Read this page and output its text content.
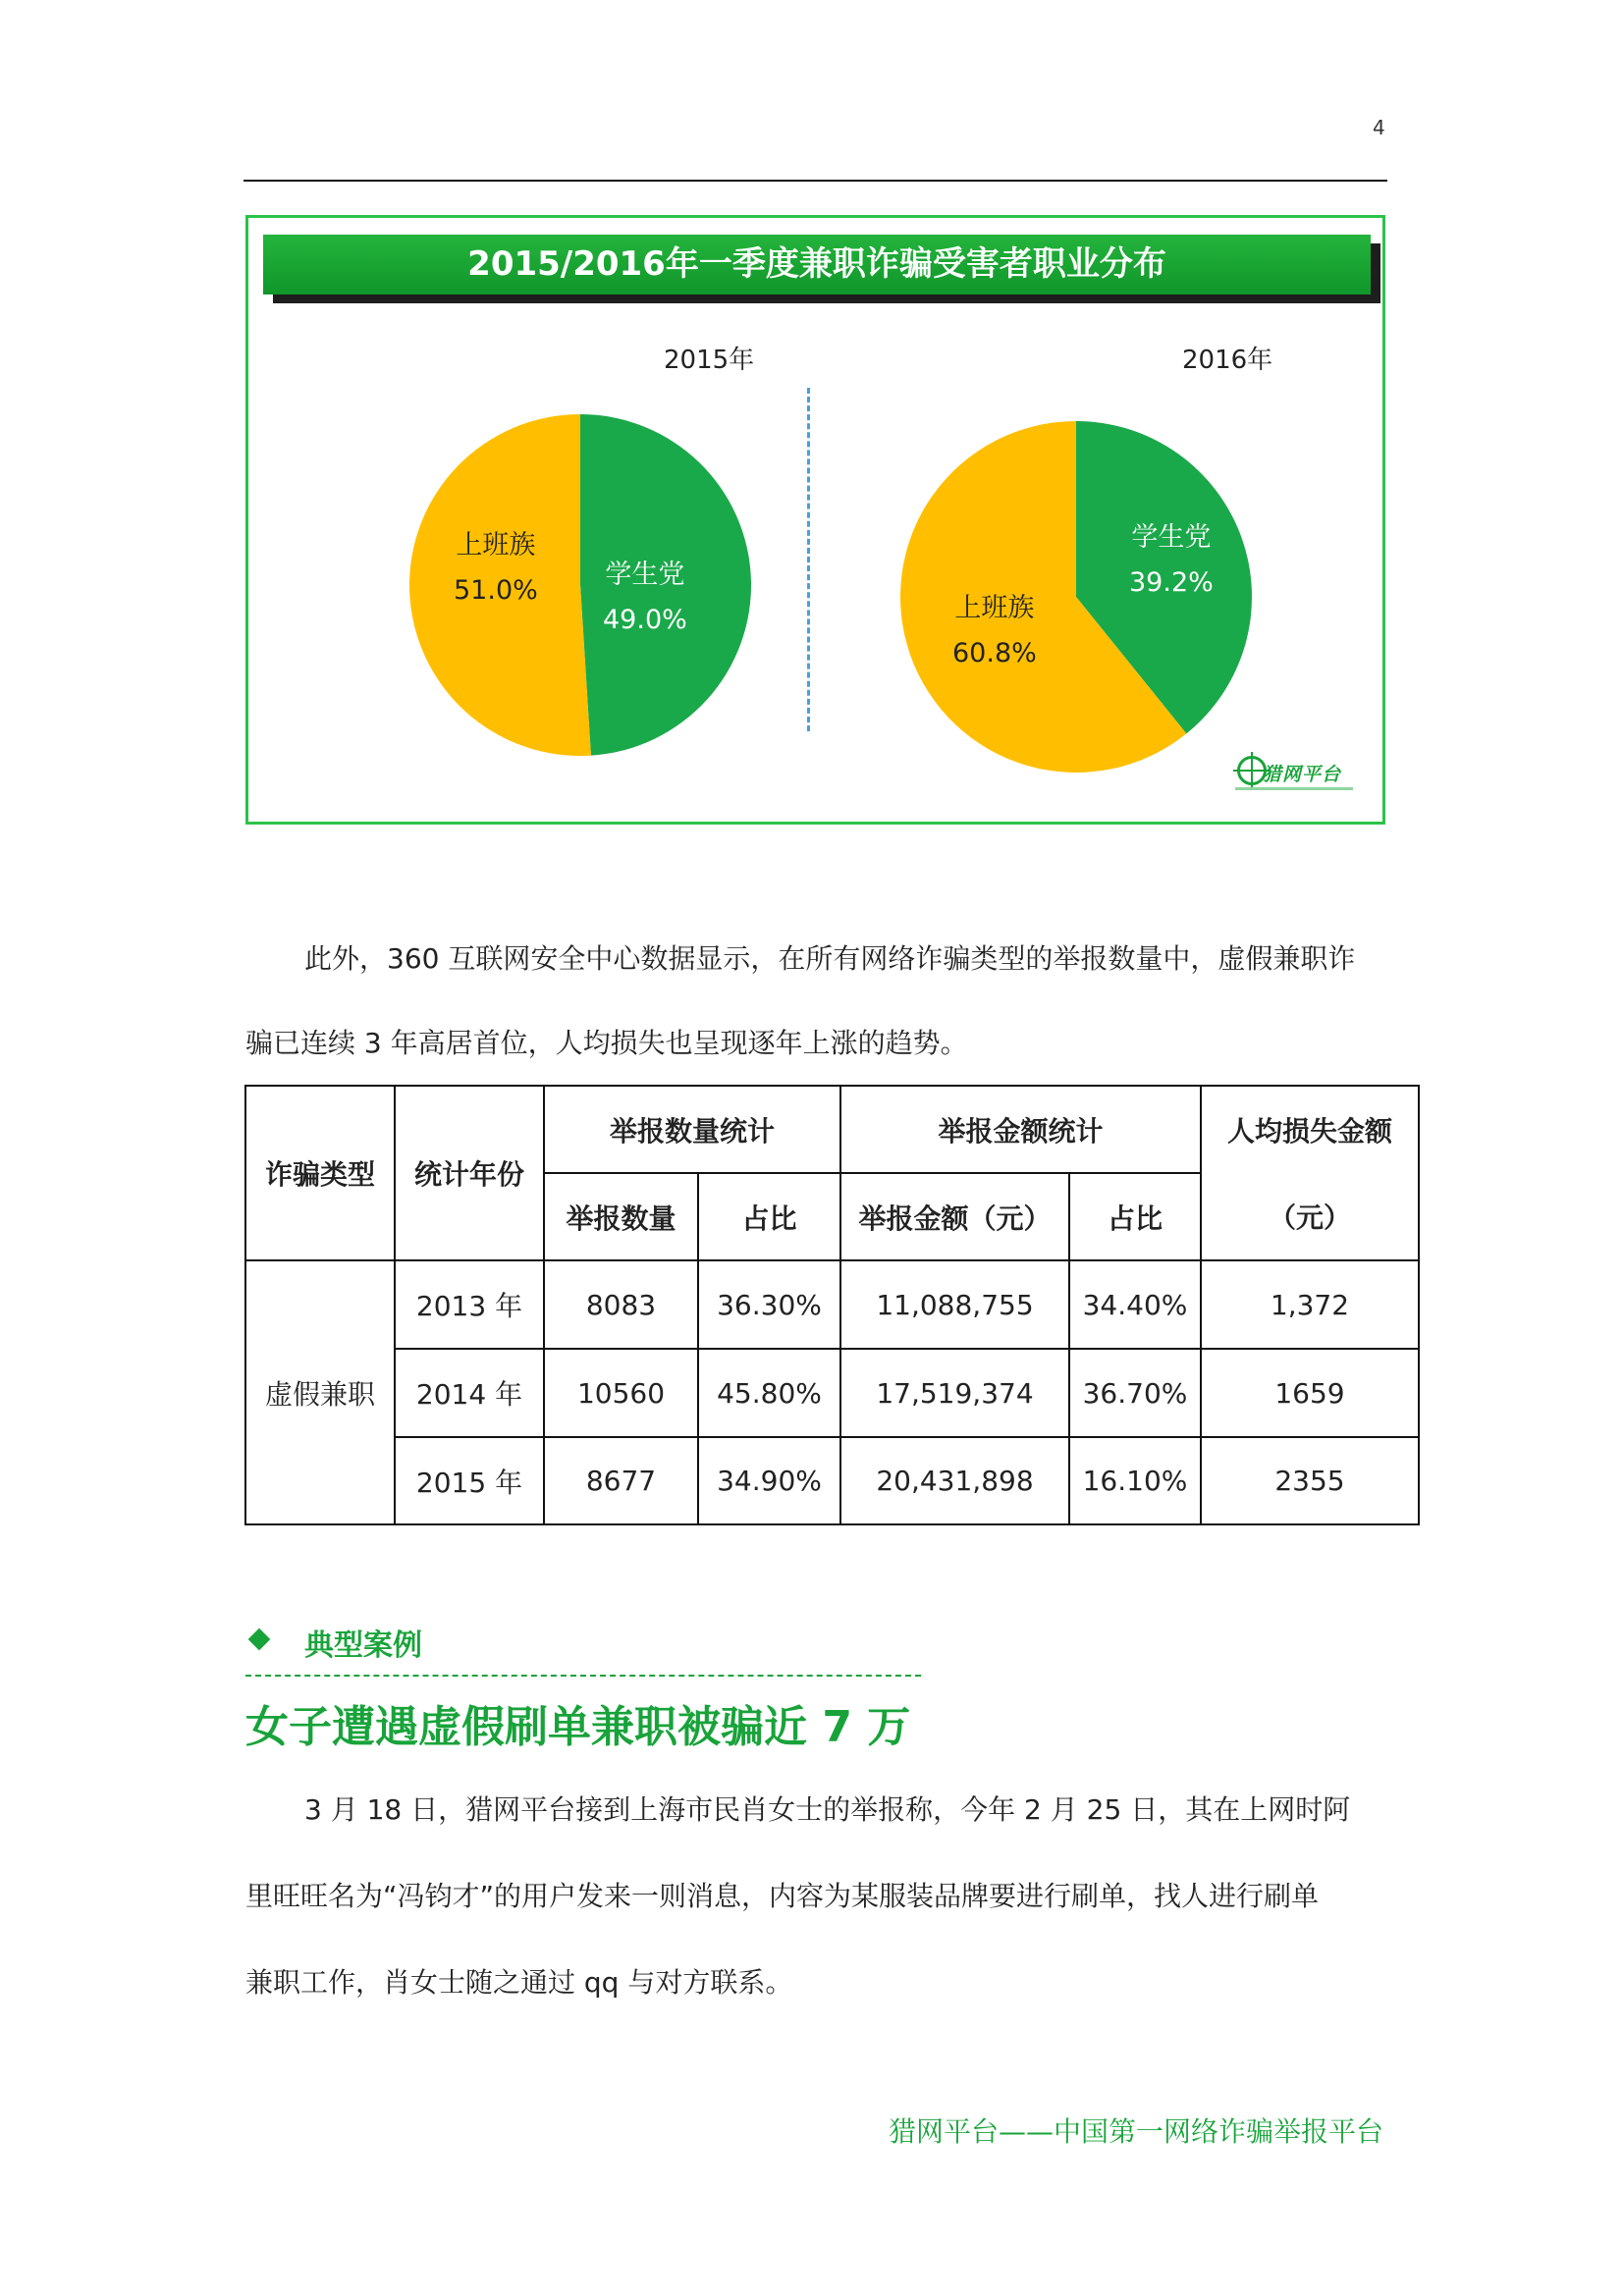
4
2015/2016年一季度兼职诈骗受害者职业分布
2015年	2016年
上班族
51.0%
学生党
49.0%
学生党
39.2%
上班族
60.8%
猎网平台
此外，360 互联网安全中心数据显示，在所有网络诈骗类型的举报数量中，虚假兼职诈
骗已连续 3 年高居首位，人均损失也呈现逐年上涨的趋势。
诈骗类型	统计年份	举报数量统计		举报金额统计		人均损失金额
		举报数量	占比	举报金额（元）	占比	（元）
虚假兼职	2013 年	8083	36.30%	11,088,755	34.40%	1,372
	2014 年	10560	45.80%	17,519,374	36.70%	1659
	2015 年	8677	34.90%	20,431,898	16.10%	2355
典型案例
女子遭遇虚假刷单兼职被骗近 7 万
3 月 18 日，猎网平台接到上海市民肖女士的举报称，今年 2 月 25 日，其在上网时阿
里旺旺名为“冯钧才”的用户发来一则消息，内容为某服装品牌要进行刷单，找人进行刷单
兼职工作，肖女士随之通过 qq 与对方联系。
猎网平台——中国第一网络诈骗举报平台
